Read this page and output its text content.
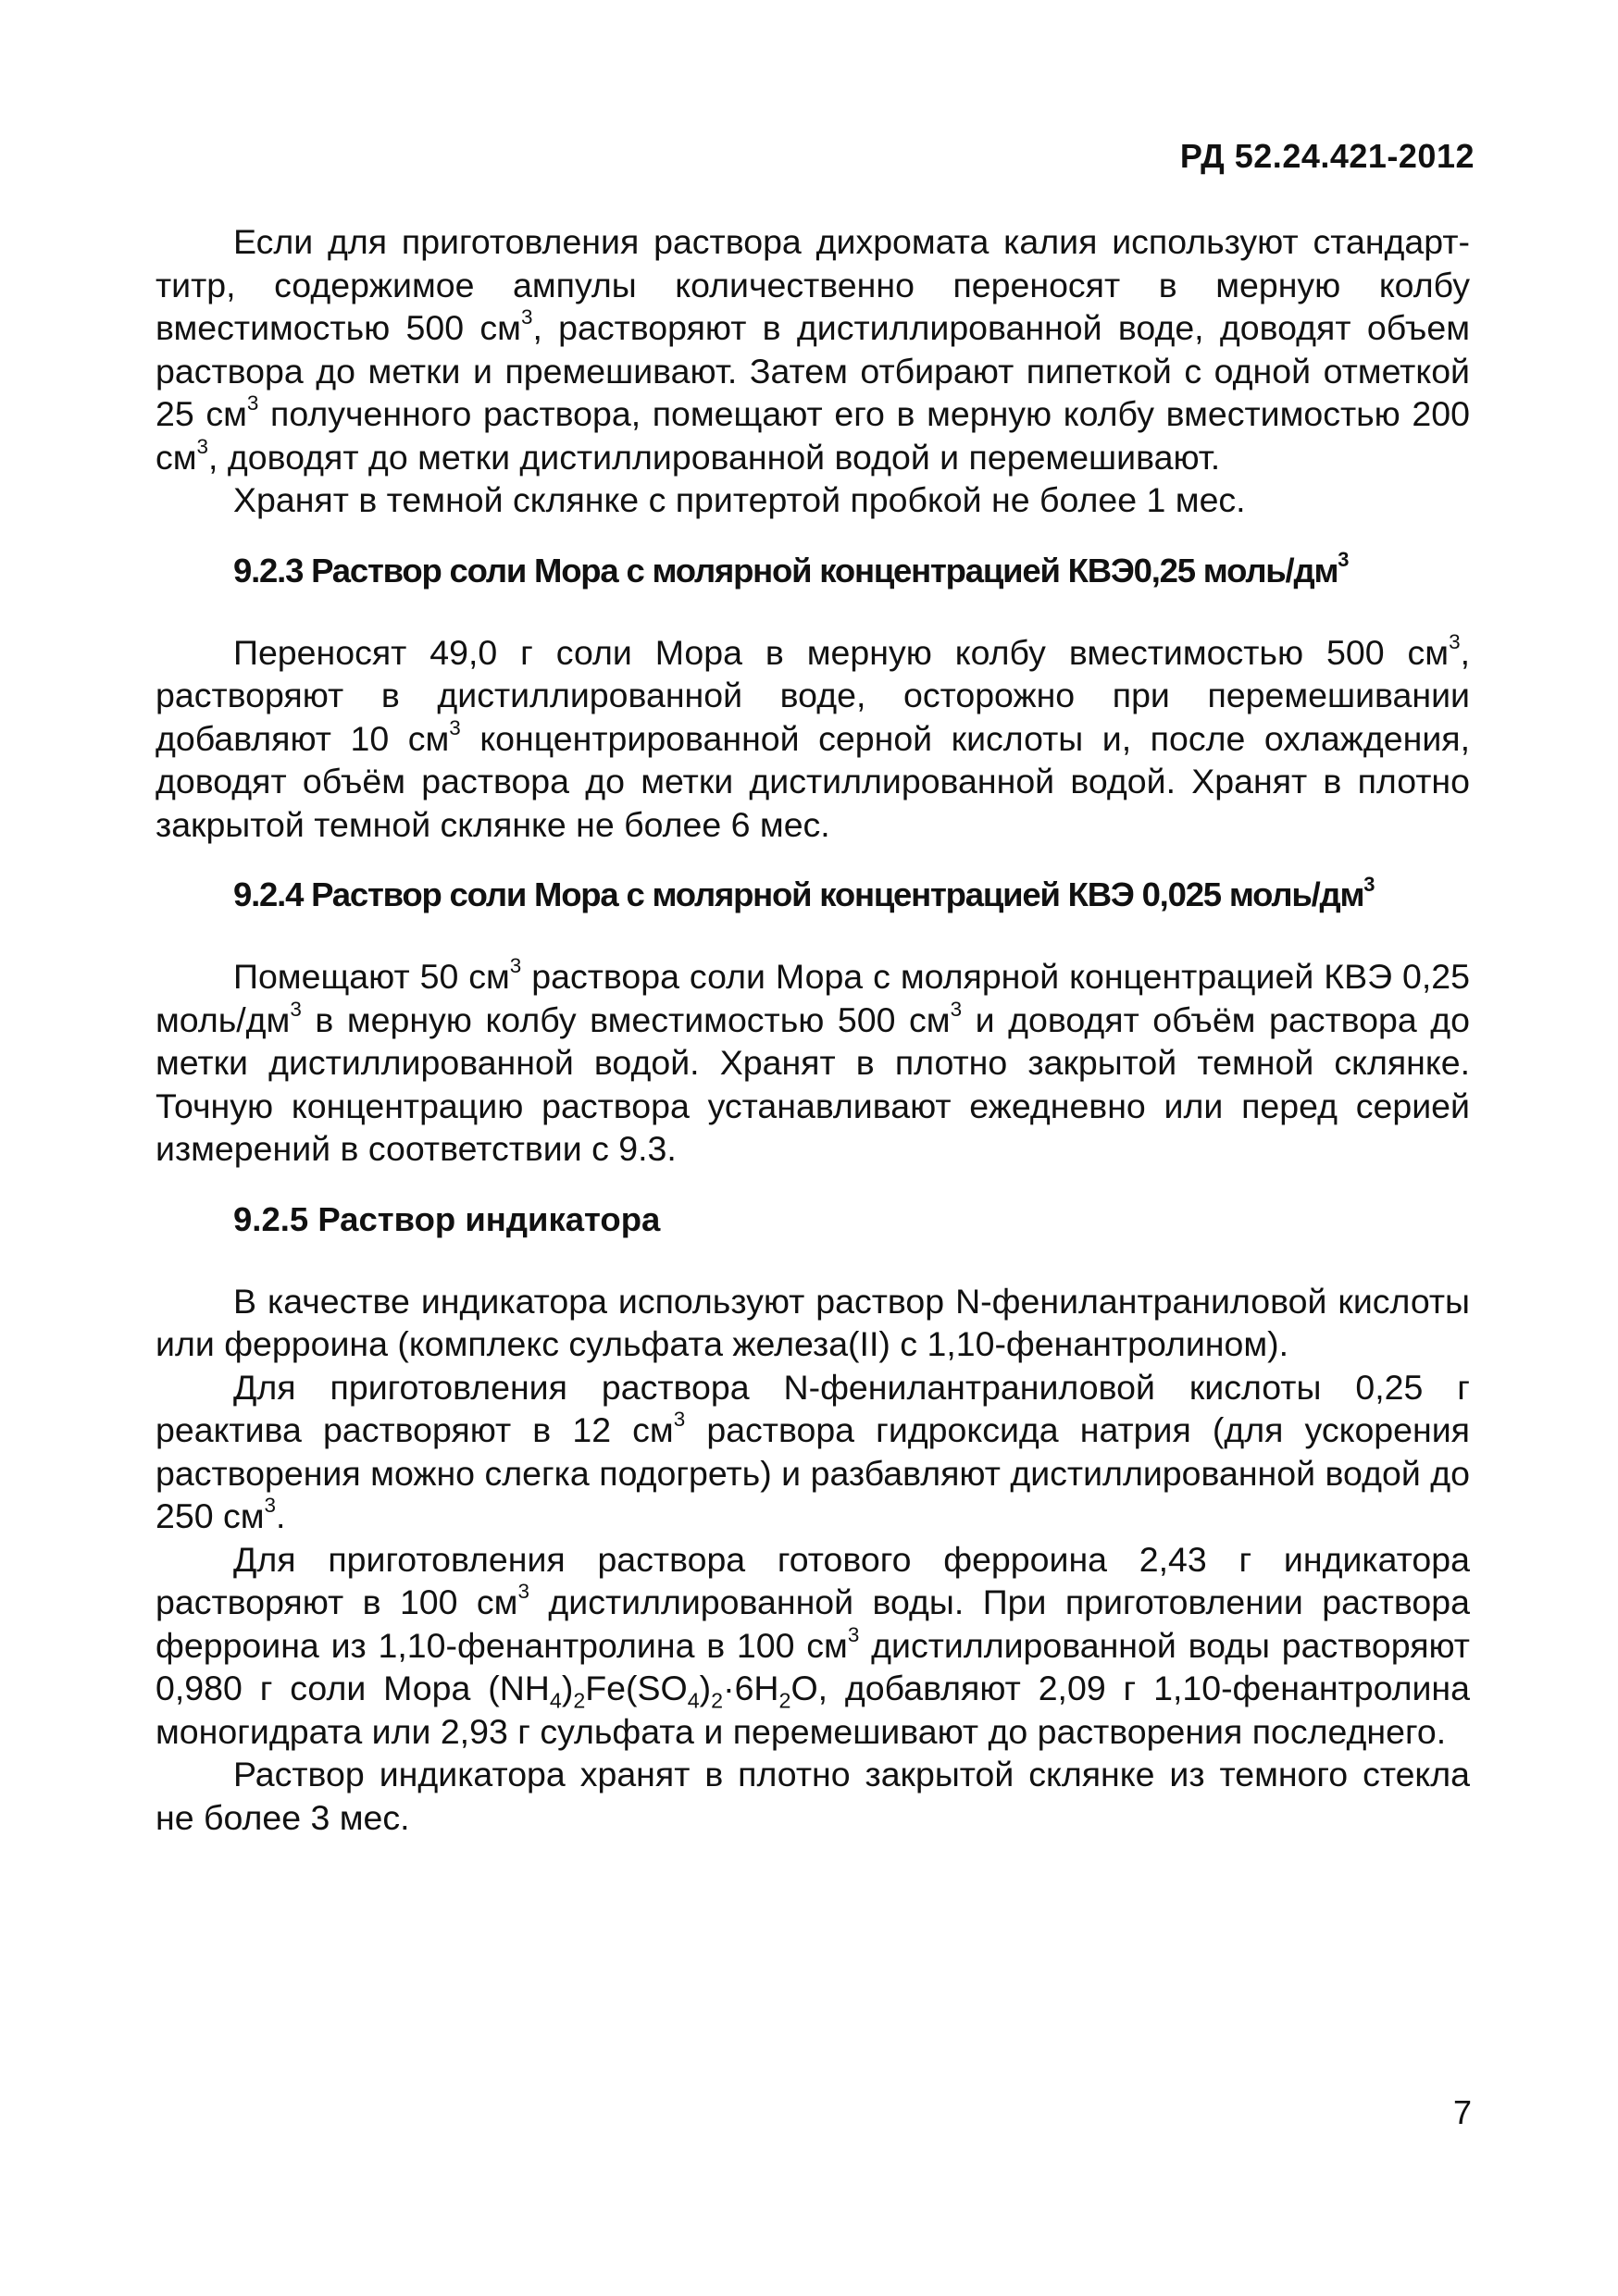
РД 52.24.421-2012

Если для приготовления раствора дихромата калия используют стандарт-титр, содержимое ампулы количественно переносят в мерную колбу вместимостью 500 $см^3$, растворяют в дистиллированной воде, доводят объем раствора до метки и премешивают. Затем отбирают пипеткой с одной отметкой 25 $см^3$ полученного раствора, помещают его в мерную колбу вместимостью 200 $см^3$, доводят до метки дистиллированной водой и перемешивают.

Хранят в темной склянке с притертой пробкой не более 1 мес.

9.2.3 Раствор соли Мора с молярной концентрацией КВЭ0,25 моль/$дм^3$

Переносят 49,0 г соли Мора в мерную колбу вместимостью 500 $см^3$, растворяют в дистиллированной воде, осторожно при перемешивании добавляют 10 $см^3$ концентрированной серной кислоты и, после охлаждения, доводят объём раствора до метки дистиллированной водой. Хранят в плотно закрытой темной склянке не более 6 мес.

9.2.4 Раствор соли Мора с молярной концентрацией КВЭ 0,025 моль/$дм^3$

Помещают 50 $см^3$ раствора соли Мора с молярной концентрацией КВЭ 0,25 моль/$дм^3$ в мерную колбу вместимостью 500 $см^3$ и доводят объём раствора до метки дистиллированной водой. Хранят в плотно закрытой темной склянке. Точную концентрацию раствора устанавливают ежедневно или перед серией измерений в соответствии с 9.3.

9.2.5 Раствор индикатора

В качестве индикатора используют раствор N-фенилантраниловой кислоты или ферроина (комплекс сульфата железа(II) с 1,10-фенантролином).

Для приготовления раствора N-фенилантраниловой кислоты 0,25 г реактива растворяют в 12 $см^3$ раствора гидроксида натрия (для ускорения растворения можно слегка подогреть) и разбавляют дистиллированной водой до 250 $см^3$.

Для приготовления раствора готового ферроина 2,43 г индикатора растворяют в 100 $см^3$ дистиллированной воды. При приготовлении раствора ферроина из 1,10-фенантролина в 100 $см^3$ дистиллированной воды растворяют 0,980 г соли Мора $(NH_4)_2Fe(SO_4)_2\cdot 6H_2O$, добавляют 2,09 г 1,10-фенантролина моногидрата или 2,93 г сульфата и перемешивают до растворения последнего.

Раствор индикатора хранят в плотно закрытой склянке из темного стекла не более 3 мес.

7
